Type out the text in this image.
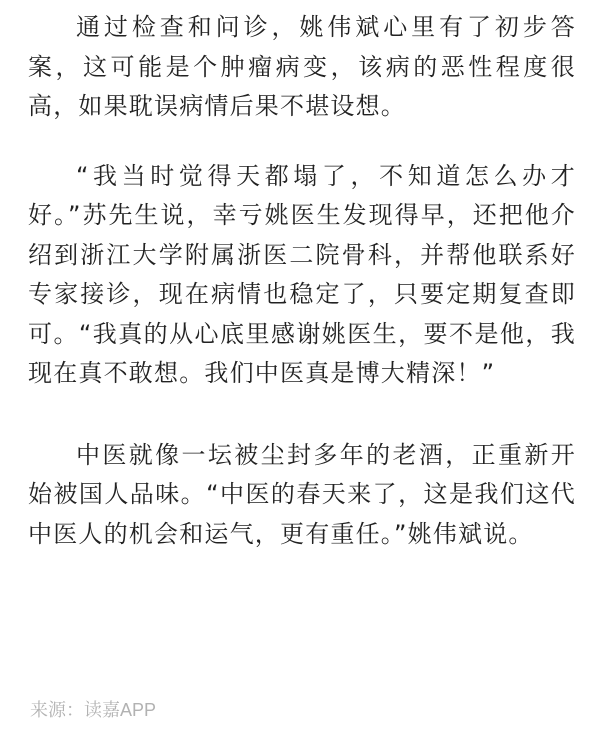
通过检查和问诊，姚伟斌心里有了初步答案，这可能是个肿瘤病变，该病的恶性程度很高，如果耽误病情后果不堪设想。

“我当时觉得天都塌了，不知道怎么办才好。”苏先生说，幸亏姚医生发现得早，还把他介绍到浙江大学附属浙医二院骨科，并帮他联系好专家接诊，现在病情也稳定了，只要定期复查即可。“我真的从心底里感谢姚医生，要不是他，我现在真不敢想。我们中医真是博大精深！”

中医就像一坛被尘封多年的老酒，正重新开始被国人品味。“中医的春天来了，这是我们这代中医人的机会和运气，更有重任。”姚伟斌说。

来源：读嘉APP
